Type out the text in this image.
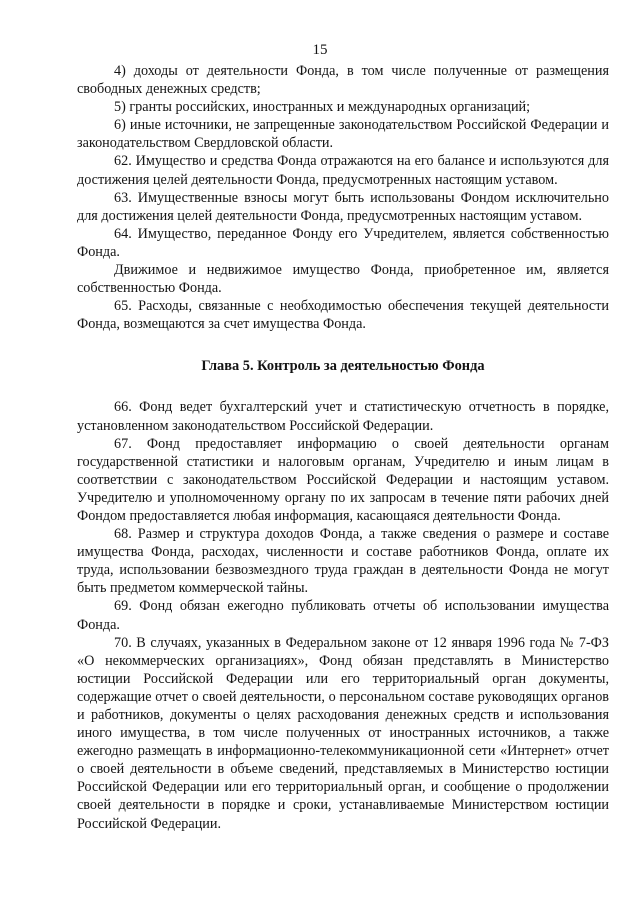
15

4) доходы от деятельности Фонда, в том числе полученные от размещения свободных денежных средств;

5) гранты российских, иностранных и международных организаций;

6) иные источники, не запрещенные законодательством Российской Федерации и законодательством Свердловской области.

62. Имущество и средства Фонда отражаются на его балансе и используются для достижения целей деятельности Фонда, предусмотренных настоящим уставом.

63. Имущественные взносы могут быть использованы Фондом исключительно для достижения целей деятельности Фонда, предусмотренных настоящим уставом.

64. Имущество, переданное Фонду его Учредителем, является собственностью Фонда.

Движимое и недвижимое имущество Фонда, приобретенное им, является собственностью Фонда.

65. Расходы, связанные с необходимостью обеспечения текущей деятельности Фонда, возмещаются за счет имущества Фонда.

Глава 5. Контроль за деятельностью Фонда

66. Фонд ведет бухгалтерский учет и статистическую отчетность в порядке, установленном законодательством Российской Федерации.

67. Фонд предоставляет информацию о своей деятельности органам государственной статистики и налоговым органам, Учредителю и иным лицам в соответствии с законодательством Российской Федерации и настоящим уставом. Учредителю и уполномоченному органу по их запросам в течение пяти рабочих дней Фондом предоставляется любая информация, касающаяся деятельности Фонда.

68. Размер и структура доходов Фонда, а также сведения о размере и составе имущества Фонда, расходах, численности и составе работников Фонда, оплате их труда, использовании безвозмездного труда граждан в деятельности Фонда не могут быть предметом коммерческой тайны.

69. Фонд обязан ежегодно публиковать отчеты об использовании имущества Фонда.

70. В случаях, указанных в Федеральном законе от 12 января 1996 года № 7-ФЗ «О некоммерческих организациях», Фонд обязан представлять в Министерство юстиции Российской Федерации или его территориальный орган документы, содержащие отчет о своей деятельности, о персональном составе руководящих органов и работников, документы о целях расходования денежных средств и использования иного имущества, в том числе полученных от иностранных источников, а также ежегодно размещать в информационно-телекоммуникационной сети «Интернет» отчет о своей деятельности в объеме сведений, представляемых в Министерство юстиции Российской Федерации или его территориальный орган, и сообщение о продолжении своей деятельности в порядке и сроки, устанавливаемые Министерством юстиции Российской Федерации.
